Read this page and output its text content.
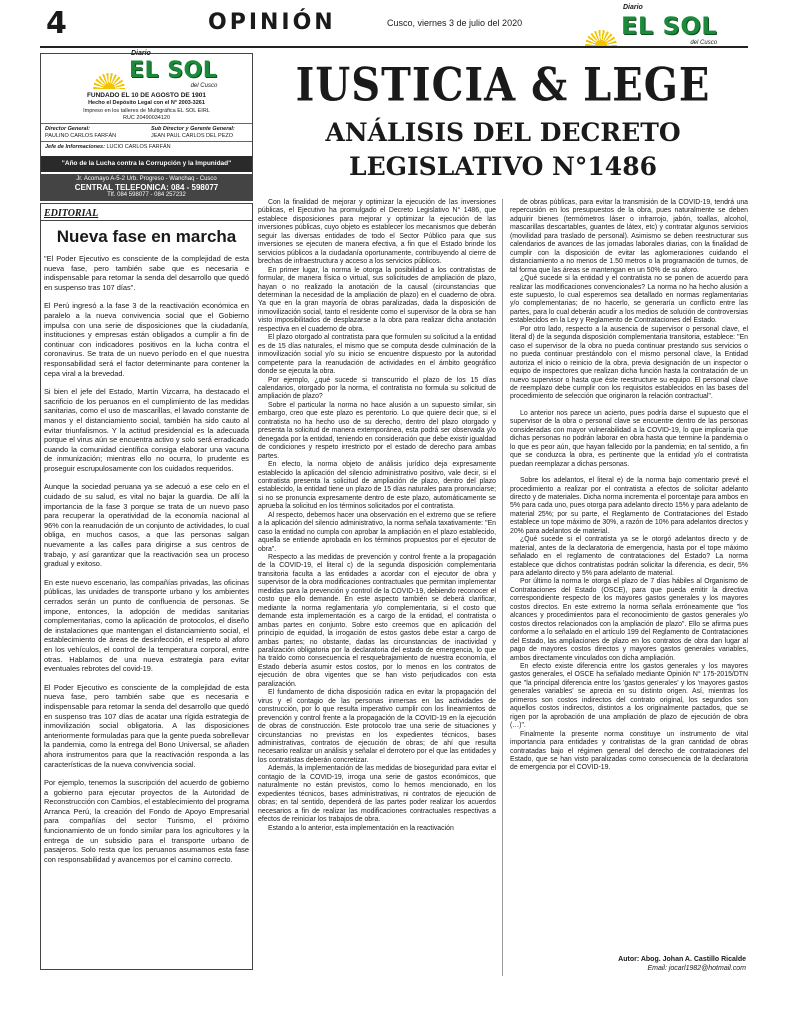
4	OPINIÓN	Cusco, viernes 3 de julio del 2020
Diario
EL SOL
del Cusco
Diario
EL SOL
del Cusco
FUNDADO EL 10 DE AGOSTO DE 1901
Hecho el Depósito Legal con el N° 2003-3261
Impreso en los talleres de Multigráfica EL SOL EIRL
RUC 20490034120
Director General:	Sub Director y Gerente General:
PAULINO CARLOS FARFÁN	JEAN PAUL CARLOS DEL PEZO
Jefe de Informaciones: LUCIO CARLOS FARFÁN
"Año de la Lucha contra la Corrupción y la Impunidad"
Jr. Acomayo A-5-2 Urb. Progreso - Wanchaq - Cusco
CENTRAL TELEFONICA: 084 - 598077
Tlf. 084 598077 - 084 257232
EDITORIAL
Nueva fase en marcha

"El Poder Ejecutivo es consciente de la complejidad de esta nueva fase, pero también sabe que es necesaria e indispensable para retomar la senda del desarrollo que quedó en suspenso tras 107 días".

El Perú ingresó a la fase 3 de la reactivación económica en paralelo a la nueva convivencia social que el Gobierno impulsa con una serie de disposiciones que la ciudadanía, instituciones y empresas están obligados a cumplir a fin de continuar con indicadores positivos en la lucha contra el coronavirus. Se trata de un nuevo período en el que nuestra responsabilidad será el factor determinante para contener la cepa viral a la brevedad.

Si bien el jefe del Estado, Martín Vizcarra, ha destacado el sacrificio de los peruanos en el cumplimiento de las medidas sanitarias, como el uso de mascarillas, el lavado constante de manos y el distanciamiento social, también ha sido cauto al evitar triunfalismos. Y la actitud presidencial es la adecuada porque el virus aún se encuentra activo y solo será erradicado cuando la comunidad científica consiga elaborar una vacuna de inmunización; mientras ello no ocurra, lo prudente es proseguir escrupulosamente con los cuidados requeridos.

Aunque la sociedad peruana ya se adecuó a ese celo en el cuidado de su salud, es vital no bajar la guardia. De allí la importancia de la fase 3 porque se trata de un nuevo paso para recuperar la operatividad de la economía nacional al 96% con la reanudación de un conjunto de actividades, lo cual obliga, en muchos casos, a que las personas salgan nuevamente a las calles para dirigirse a sus centros de trabajo, y así garantizar que la reactivación sea un proceso gradual y exitoso.

En este nuevo escenario, las compañías privadas, las oficinas públicas, las unidades de transporte urbano y los ambientes cerrados serán un punto de confluencia de personas. Se impone, entonces, la adopción de medidas sanitarias complementarias, como la aplicación de protocolos, el diseño de instalaciones que mantengan el distanciamiento social, el establecimiento de áreas de desinfección, el respeto al aforo en los vehículos, el control de la temperatura corporal, entre otras. Hablamos de una nueva estrategia para evitar eventuales rebrotes del covid-19.

El Poder Ejecutivo es consciente de la complejidad de esta nueva fase, pero también sabe que es necesaria e indispensable para retomar la senda del desarrollo que quedó en suspenso tras 107 días de acatar una rígida estrategia de inmovilización social obligatoria. A las disposiciones anteriormente formuladas para que la gente pueda sobrellevar la pandemia, como la entrega del Bono Universal, se añaden ahora instrumentos para que la reactivación responda a las características de la nueva convivencia social.

Por ejemplo, tenemos la suscripción del acuerdo de gobierno a gobierno para ejecutar proyectos de la Autoridad de Reconstrucción con Cambios, el establecimiento del programa Arranca Perú, la creación del Fondo de Apoyo Empresarial para compañías del sector Turismo, el próximo funcionamiento de un fondo similar para los agricultores y la entrega de un subsidio para el transporte urbano de pasajeros. Solo resta que los peruanos asumamos esta fase con responsabilidad y avancemos por el camino correcto.

IUSTICIA & LEGE
ANÁLISIS DEL DECRETO
LEGISLATIVO N°1486

Con la finalidad de mejorar y optimizar la ejecución de las inversiones públicas, el Ejecutivo ha promulgado el Decreto Legislativo N° 1486, que establece disposiciones para mejorar y optimizar la ejecución de las inversiones públicas, cuyo objeto es establecer los mecanismos que deberán seguir las diversas entidades de todo el Sector Público para que sus inversiones se ejecuten de manera efectiva, a fin que el Estado brinde los servicios públicos a la ciudadanía oportunamente, contribuyendo al cierre de brechas de infraestructura y acceso a los servicios públicos.

En primer lugar, la norma le otorga la posibilidad a los contratistas de formular, de manera física o virtual, sus solicitudes de ampliación de plazo, hayan o no realizado la anotación de la causal (circunstancias que determinan la necesidad de la ampliación de plazo) en el cuaderno de obra. Ya que en la gran mayoría de obras paralizadas, dada la disposición de inmovilización social, tanto el residente como el supervisor de la obra se han visto imposibilitados de desplazarse a la obra para realizar dicha anotación respectiva en el cuaderno de obra.

El plazo otorgado al contratista para que formulen su solicitud a la entidad es de 15 días naturales, el mismo que se computa desde culminación de la inmovilización social y/o su inicio se encuentre dispuesto por la autoridad competente para la reanudación de actividades en el ámbito geográfico donde se ejecuta la obra.

Por ejemplo, ¿qué sucede si transcurrido el plazo de los 15 días calendarios, otorgado por la norma, el contratista no formula su solicitud de ampliación de plazo?

Sobre el particular la norma no hace alusión a un supuesto similar, sin embargo, creo que este plazo es perentorio. Lo que quiere decir que, si el contratista no ha hecho uso de su derecho, dentro del plazo otorgado y presenta la solicitud de manera extemporánea, esta podrá ser observada y/o denegada por la entidad, teniendo en consideración que debe existir igualdad de condiciones y respeto irrestricto por el estado de derecho para ambas partes.

En efecto, la norma objeto de análisis jurídico deja expresamente establecido la aplicación del silencio administrativo positivo, vale decir, si el contratista presenta la solicitud de ampliación de plazo, dentro del plazo establecido, la entidad tiene un plazo de 15 días naturales para pronunciarse; si no se pronuncia expresamente dentro de este plazo, automáticamente se aprueba la solicitud en los términos solicitados por el contratista.

Al respecto, debemos hacer una observación en el extremo que se refiere a la aplicación del silencio administrativo, la norma señala taxativamente: "En caso la entidad no cumpla con aprobar la ampliación en el plazo establecido, aquella se entiende aprobada en los términos propuestos por el ejecutor de obra".

Respecto a las medidas de prevención y control frente a la propagación de la COVID-19, el literal c) de la segunda disposición complementaria transitoria faculta a las entidades a acordar con el ejecutor de obra y supervisor de la obra modificaciones contractuales que permitan implementar medidas para la prevención y control de la COVID-19, debiendo reconocer el costo que ello demande. En este aspecto también se deberá clarificar, mediante la norma reglamentaria y/o complementaria, si el costo que demande esta implementación es a cargo de la entidad, el contratista o ambas partes en conjunto. Sobre esto creemos que en aplicación del principio de equidad, la irrogación de estos gastos debe estar a cargo de ambas partes; no obstante, dadas las circunstancias de inactividad y paralización obligatoria por la declaratoria del estado de emergencia, lo que ha traído como consecuencia el resquebrajamiento de nuestra economía, el Estado debería asumir estos costos, por lo menos en los contratos de ejecución de obra vigentes que se han visto perjudicados con esta paralización.

El fundamento de dicha disposición radica en evitar la propagación del virus y el contagio de las personas inmersas en las actividades de construcción, por lo que resulta imperativo cumplir con los lineamientos de prevención y control frente a la propagación de la COVID-19 en la ejecución de obras de construcción. Este protocolo trae una serie de situaciones y circunstancias no previstas en los expedientes técnicos, bases administrativas, contratos de ejecución de obras; de ahí que resulta necesario realizar un análisis y señalar el derrotero por el que las entidades y los contratistas deberán concretizar.

Además, la implementación de las medidas de bioseguridad para evitar el contagio de la COVID-19, irroga una serie de gastos económicos, que naturalmente no están previstos, como lo hemos mencionado, en los expedientes técnicos, bases administrativas, ni contratos de ejecución de obras; en tal sentido, dependerá de las partes poder realizar los acuerdos necesarios a fin de realizar las modificaciones contractuales respectivas a efectos de reiniciar los trabajos de obra.

Estando a lo anterior, esta implementación en la reactivación

de obras públicas, para evitar la transmisión de la COVID-19, tendrá una repercusión en los presupuestos de la obra, pues naturalmente se deben adquirir bienes (termómetros láser o infrarrojo, jabón, toallas, alcohol, mascarillas descartables, guantes de látex, etc) y contratar algunos servicios (movilidad para traslado de personal). Asimismo se deben reestructurar sus calendarios de avances de las jornadas laborales diarias, con la finalidad de cumplir con la disposición de evitar las aglomeraciones cuidando el distanciamiento a no menos de 1.50 metros o la programación de turnos, de tal forma que las áreas se mantengan en un 50% de su aforo.

¿Qué sucede si la entidad y el contratista no se ponen de acuerdo para realizar las modificaciones convencionales? La norma no ha hecho alusión a este supuesto, lo cual esperemos sea detallado en normas reglamentarias y/o complementarias; de no hacerlo, se generaría un conflicto entre las partes, para lo cual deberán acudir a los medios de solución de controversias establecidos en la Ley y Reglamento de Contrataciones del Estado.

Por otro lado, respecto a la ausencia de supervisor o personal clave, el literal d) de la segunda disposición complementaria transitoria, establece: "En caso el supervisor de la obra no pueda continuar prestando sus servicios o no pueda continuar prestándolo con el mismo personal clave, la Entidad autoriza el inicio o reinicio de la obra, previa designación de un inspector o equipo de inspectores que realizan dicha función hasta la contratación de un nuevo supervisor o hasta que éste reestructure su equipo. El personal clave de reemplazo debe cumplir con los requisitos establecidos en las bases del procedimiento de selección que originaron la relación contractual".

Lo anterior nos parece un acierto, pues podría darse el supuesto que el supervisor de la obra o personal clave se encuentre dentro de las personas consideradas con mayor vulnerabilidad a la COVID-19, lo que implicaría que dichas personas no podrán laborar en obra hasta que termine la pandemia o lo que es peor aún, que hayan fallecido por la pandemia; en tal sentido, a fin que se conduzca la obra, es pertinente que la entidad y/o el contratista puedan reemplazar a dichas personas.

Sobre los adelantos, el literal e) de la norma bajo comentario prevé el procedimiento a realizar por el contratista a efectos de solicitar adelanto directo y de materiales. Dicha norma incrementa el porcentaje para ambos en 5% para cada uno, pues otorga para adelanto directo 15% y para adelanto de material 25%; por su parte, el Reglamento de Contrataciones del Estado establece un tope máximo de 30%, a razón de 10% para adelantos directos y 20% para adelantos de material.

¿Qué sucede si el contratista ya se le otorgó adelantos directo y de material, antes de la declaratoria de emergencia, hasta por el tope máximo señalado en el reglamento de contrataciones del Estado? La norma establece que dichos contratistas podrán solicitar la diferencia, es decir, 5% para adelanto directo y 5% para adelanto de material.

Por último la norma le otorga el plazo de 7 días hábiles al Organismo de Contrataciones del Estado (OSCE), para que pueda emitir la directiva correspondiente respecto de los mayores gastos generales y los mayores costos directos. En este extremo la norma señala erróneamente que "los alcances y procedimientos para el reconocimiento de gastos generales y/o costos directos relacionados con la ampliación de plazo". Ello se afirma pues conforme a lo señalado en el artículo 199 del Reglamento de Contrataciones del Estado, las ampliaciones de plazo en los contratos de obra dan lugar al pago de mayores costos directos y mayores gastos generales variables, ambos directamente vinculados con dicha ampliación.

En efecto existe diferencia entre los gastos generales y los mayores gastos generales, el OSCE ha señalado mediante Opinión N° 175-2015/DTN que "la principal diferencia entre los 'gastos generales' y los 'mayores gastos generales variables' se aprecia en su distinto origen. Así, mientras los primeros son costos indirectos del contrato original, los segundos son aquellos costos indirectos, distintos a los originalmente pactados, que se rigen por la aprobación de una ampliación de plazo de ejecución de obra (…)".

Finalmente la presente norma constituye un instrumento de vital importancia para entidades y contratistas de la gran cantidad de obras contratadas bajo el régimen general del derecho de contrataciones del Estado, que se han visto paralizadas como consecuencia de la declaratoria de emergencia por el COVID-19.

Autor: Abog. Johan A. Castillo Ricalde
Email: jocarl1982@hotmail.com
